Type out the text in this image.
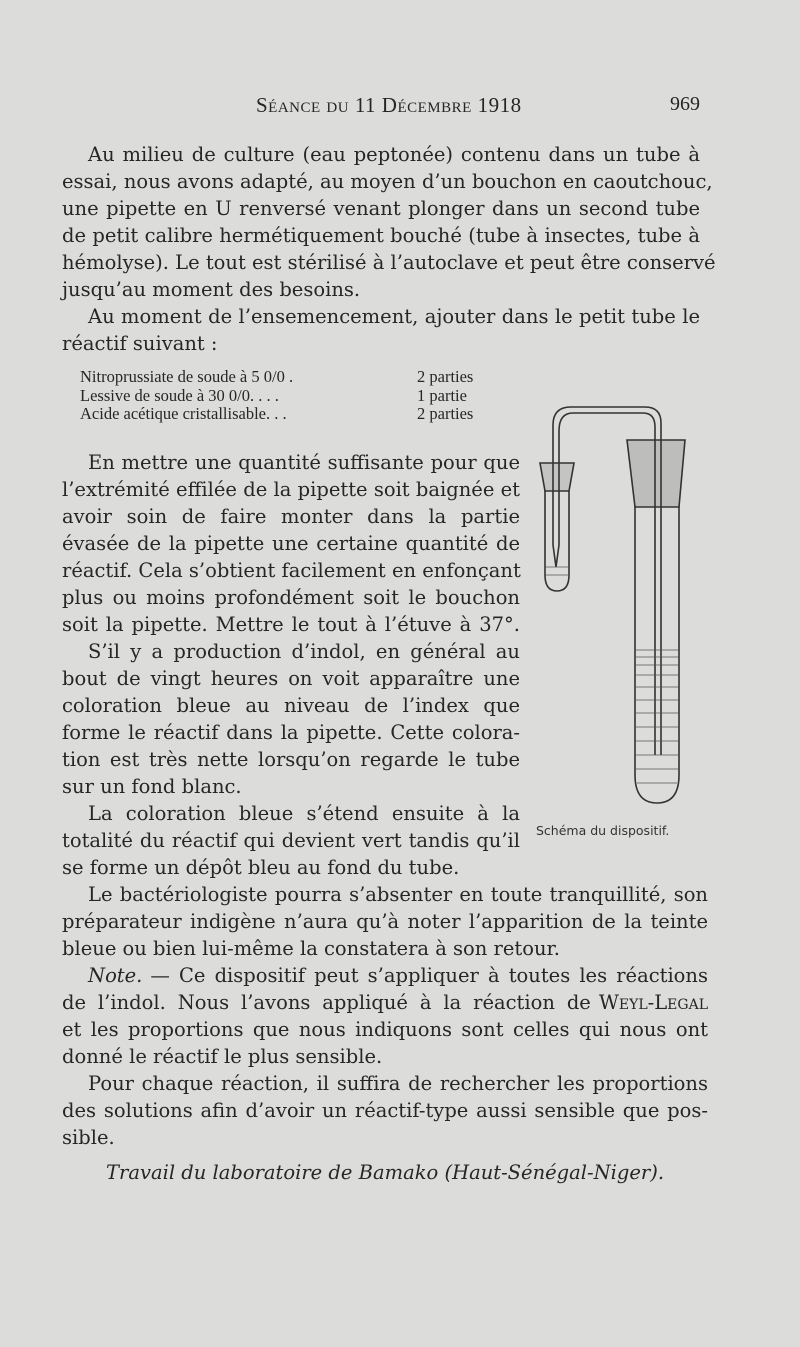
Séance du 11 Décembre 1918	969
Au milieu de culture (eau peptonée) contenu dans un tube à
essai, nous avons adapté, au moyen d’un bouchon en caoutchouc,
une pipette en U renversé venant plonger dans un second tube
de petit calibre hermétiquement bouché (tube à insectes, tube à
hémolyse). Le tout est stérilisé à l’autoclave et peut être conservé
jusqu’au moment des besoins.
Au moment de l’ensemencement, ajouter dans le petit tube le
réactif suivant :
Nitroprussiate de soude à 5 0/0 .	2 parties
Lessive de soude à 30 0/0. . . .	1 partie
Acide acétique cristallisable. . .	2 parties
En mettre une quantité suffisante pour que
l’extrémité effilée de la pipette soit baignée et
avoir soin de faire monter dans la partie
évasée de la pipette une certaine quantité de
réactif. Cela s’obtient facilement en enfonçant
plus ou moins profondément soit le bouchon
soit la pipette. Mettre le tout à l’étuve à 37°.
S’il y a production d’indol, en général au
bout de vingt heures on voit apparaître une
coloration bleue au niveau de l’index que
forme le réactif dans la pipette. Cette colora-
tion est très nette lorsqu’on regarde le tube
sur un fond blanc.
La coloration bleue s’étend ensuite à la
totalité du réactif qui devient vert tandis qu’il
se forme un dépôt bleu au fond du tube.
Schéma du dispositif.
Le bactériologiste pourra s’absenter en toute tranquillité, son
préparateur indigène n’aura qu’à noter l’apparition de la teinte
bleue ou bien lui-même la constatera à son retour.
Note. — Ce dispositif peut s’appliquer à toutes les réactions
de l’indol. Nous l’avons appliqué à la réaction de Weyl-Legal
et les proportions que nous indiquons sont celles qui nous ont
donné le réactif le plus sensible.
Pour chaque réaction, il suffira de rechercher les proportions
des solutions afin d’avoir un réactif-type aussi sensible que pos-
sible.
Travail du laboratoire de Bamako (Haut-Sénégal-Niger).
